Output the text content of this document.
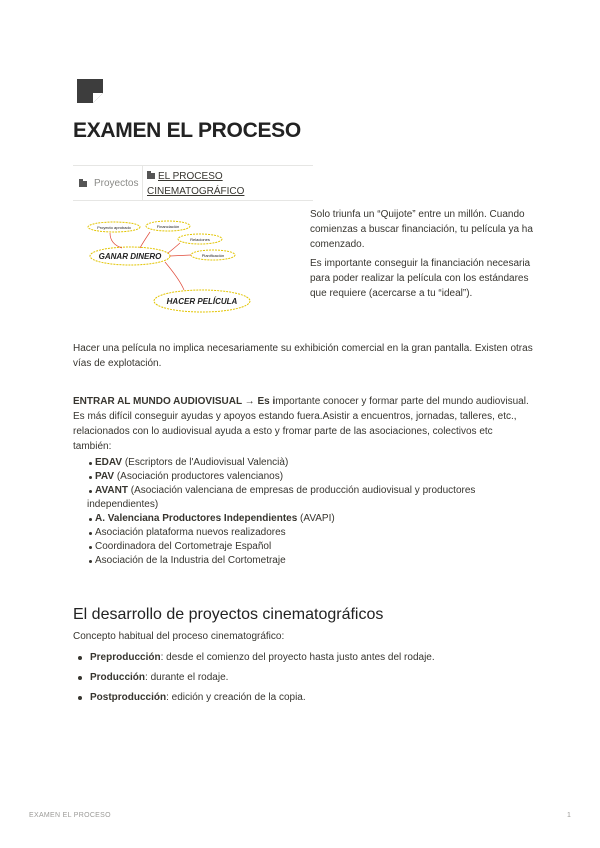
EXAMEN EL PROCESO
Proyectos
EL PROCESO CINEMATOGRÁFICO
Proyecto aprobado	Financiación
Relaciones
Planificación
GANAR DINERO
HACER PELÍCULA

Solo triunfa un “Quijote” entre un millón. Cuando comienzas a buscar financiación, tu película ya ha comenzado.

Es importante conseguir la financiación necesaria para poder realizar la película con los estándares que requiere (acercarse a tu “ideal”).

Hacer una película no implica necesariamente su exhibición comercial en la gran pantalla. Existen otras vías de explotación.

ENTRAR AL MUNDO AUDIOVISUAL → Es importante conocer y formar parte del mundo audiovisual. Es más difícil conseguir ayudas y apoyos estando fuera.Asistir a encuentros, jornadas, talleres, etc., relacionados con lo audiovisual ayuda a esto y fromar parte de las asociaciones, colectivos etc también:

EDAV (Escriptors de l'Audiovisual Valencià)
PAV (Asociación productores valencianos)
AVANT (Asociación valenciana de empresas de producción audiovisual y productores independientes)
A. Valenciana Productores Independientes (AVAPI)
Asociación plataforma nuevos realizadores
Coordinadora del Cortometraje Español
Asociación de la Industria del Cortometraje
El desarrollo de proyectos cinematográficos
Concepto habitual del proceso cinematográfico:
Preproducción: desde el comienzo del proyecto hasta justo antes del rodaje.
Producción: durante el rodaje.
Postproducción: edición y creación de la copia.
EXAMEN EL PROCESO	1
